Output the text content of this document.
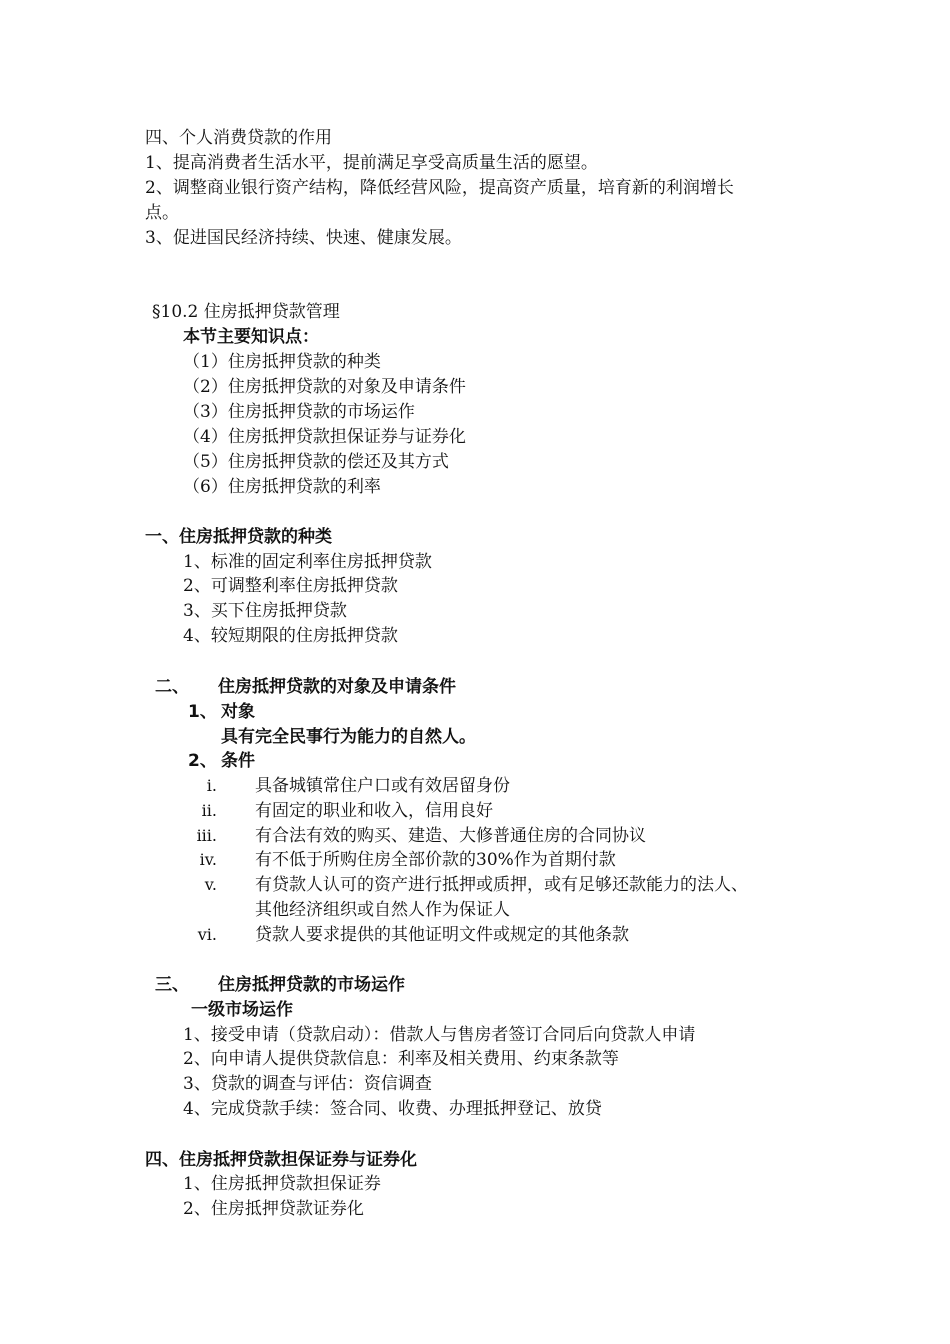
四、个人消费贷款的作用
1、提高消费者生活水平，提前满足享受高质量生活的愿望。
2、调整商业银行资产结构，降低经营风险，提高资产质量，培育新的利润增长
点。
3、促进国民经济持续、快速、健康发展。
§10.2 住房抵押贷款管理
本节主要知识点：
（1）住房抵押贷款的种类
（2）住房抵押贷款的对象及申请条件
（3）住房抵押贷款的市场运作
（4）住房抵押贷款担保证券与证券化
（5）住房抵押贷款的偿还及其方式
（6）住房抵押贷款的利率
一、住房抵押贷款的种类
1、标准的固定利率住房抵押贷款
2、可调整利率住房抵押贷款
3、买下住房抵押贷款
4、较短期限的住房抵押贷款
二、 住房抵押贷款的对象及申请条件
1、 对象
具有完全民事行为能力的自然人。
2、 条件
i. 具备城镇常住户口或有效居留身份
ii. 有固定的职业和收入，信用良好
iii. 有合法有效的购买、建造、大修普通住房的合同协议
iv. 有不低于所购住房全部价款的30%作为首期付款
v. 有贷款人认可的资产进行抵押或质押，或有足够还款能力的法人、
其他经济组织或自然人作为保证人
vi. 贷款人要求提供的其他证明文件或规定的其他条款
三、 住房抵押贷款的市场运作
一级市场运作
1、接受申请（贷款启动）：借款人与售房者签订合同后向贷款人申请
2、向申请人提供贷款信息：利率及相关费用、约束条款等
3、贷款的调查与评估：资信调查
4、完成贷款手续：签合同、收费、办理抵押登记、放贷
四、住房抵押贷款担保证券与证券化
1、住房抵押贷款担保证券
2、住房抵押贷款证券化
